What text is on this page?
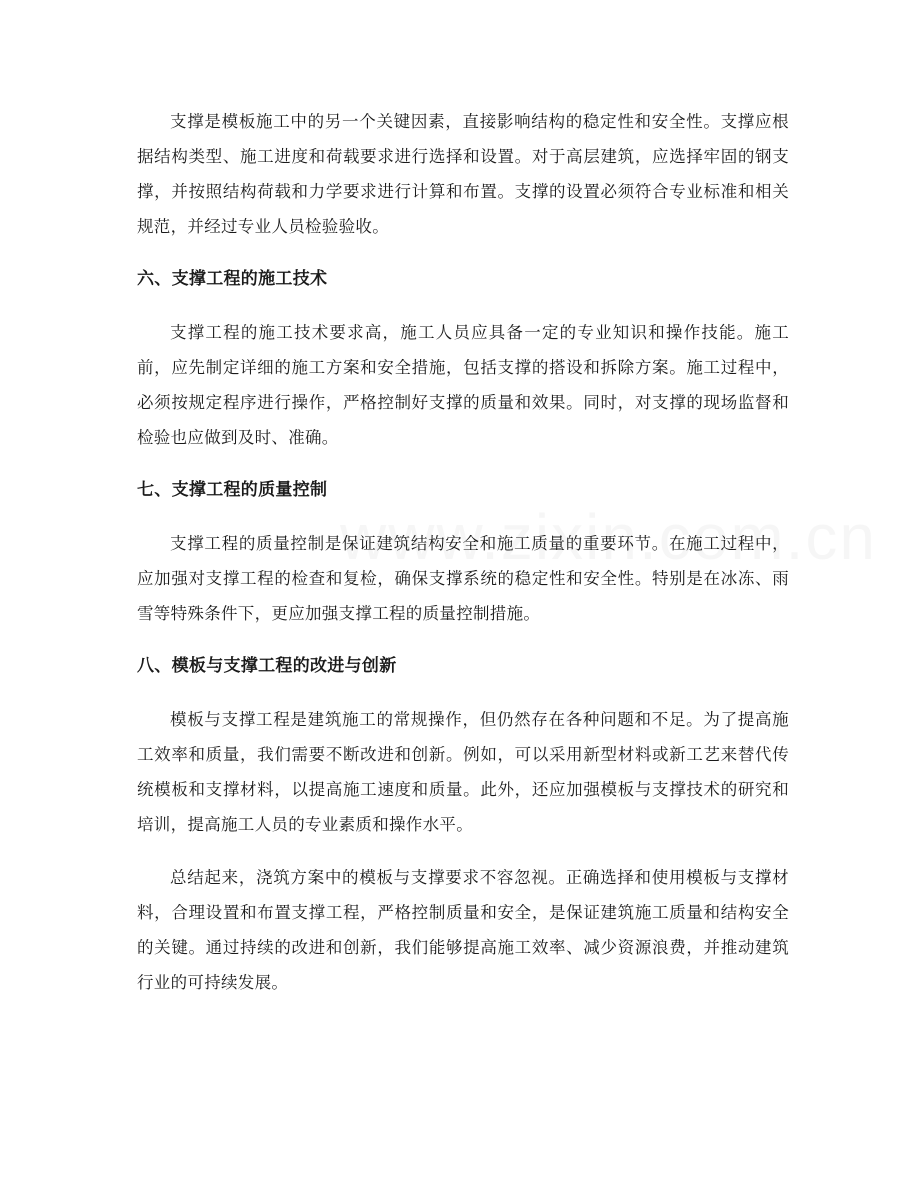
支撑是模板施工中的另一个关键因素，直接影响结构的稳定性和安全性。支撑应根据结构类型、施工进度和荷载要求进行选择和设置。对于高层建筑，应选择牢固的钢支撑，并按照结构荷载和力学要求进行计算和布置。支撑的设置必须符合专业标准和相关规范，并经过专业人员检验验收。

六、支撑工程的施工技术

支撑工程的施工技术要求高，施工人员应具备一定的专业知识和操作技能。施工前，应先制定详细的施工方案和安全措施，包括支撑的搭设和拆除方案。施工过程中，必须按规定程序进行操作，严格控制好支撑的质量和效果。同时，对支撑的现场监督和检验也应做到及时、准确。

七、支撑工程的质量控制

支撑工程的质量控制是保证建筑结构安全和施工质量的重要环节。在施工过程中，应加强对支撑工程的检查和复检，确保支撑系统的稳定性和安全性。特别是在冰冻、雨雪等特殊条件下，更应加强支撑工程的质量控制措施。

八、模板与支撑工程的改进与创新

模板与支撑工程是建筑施工的常规操作，但仍然存在各种问题和不足。为了提高施工效率和质量，我们需要不断改进和创新。例如，可以采用新型材料或新工艺来替代传统模板和支撑材料，以提高施工速度和质量。此外，还应加强模板与支撑技术的研究和培训，提高施工人员的专业素质和操作水平。

总结起来，浇筑方案中的模板与支撑要求不容忽视。正确选择和使用模板与支撑材料，合理设置和布置支撑工程，严格控制质量和安全，是保证建筑施工质量和结构安全的关键。通过持续的改进和创新，我们能够提高施工效率、减少资源浪费，并推动建筑行业的可持续发展。
